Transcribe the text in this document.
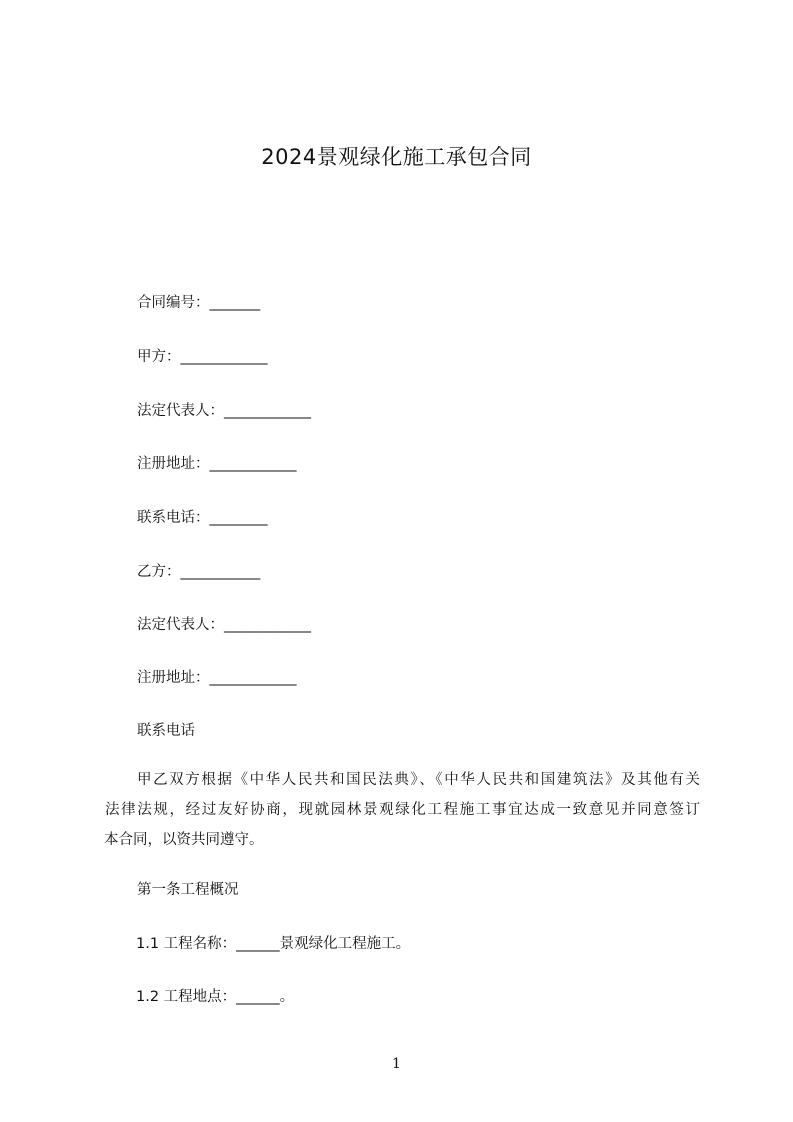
2024景观绿化施工承包合同
合同编号：_______
甲方：____________
法定代表人：____________
注册地址：____________
联系电话：________
乙方：___________
法定代表人：____________
注册地址：____________
联系电话
甲乙双方根据《中华人民共和国民法典》、《中华人民共和国建筑法》及其他有关
法律法规，经过友好协商，现就园林景观绿化工程施工事宜达成一致意见并同意签订
本合同，以资共同遵守。
第一条工程概况
1.1 工程名称：______景观绿化工程施工。
1.2 工程地点：______。
1
